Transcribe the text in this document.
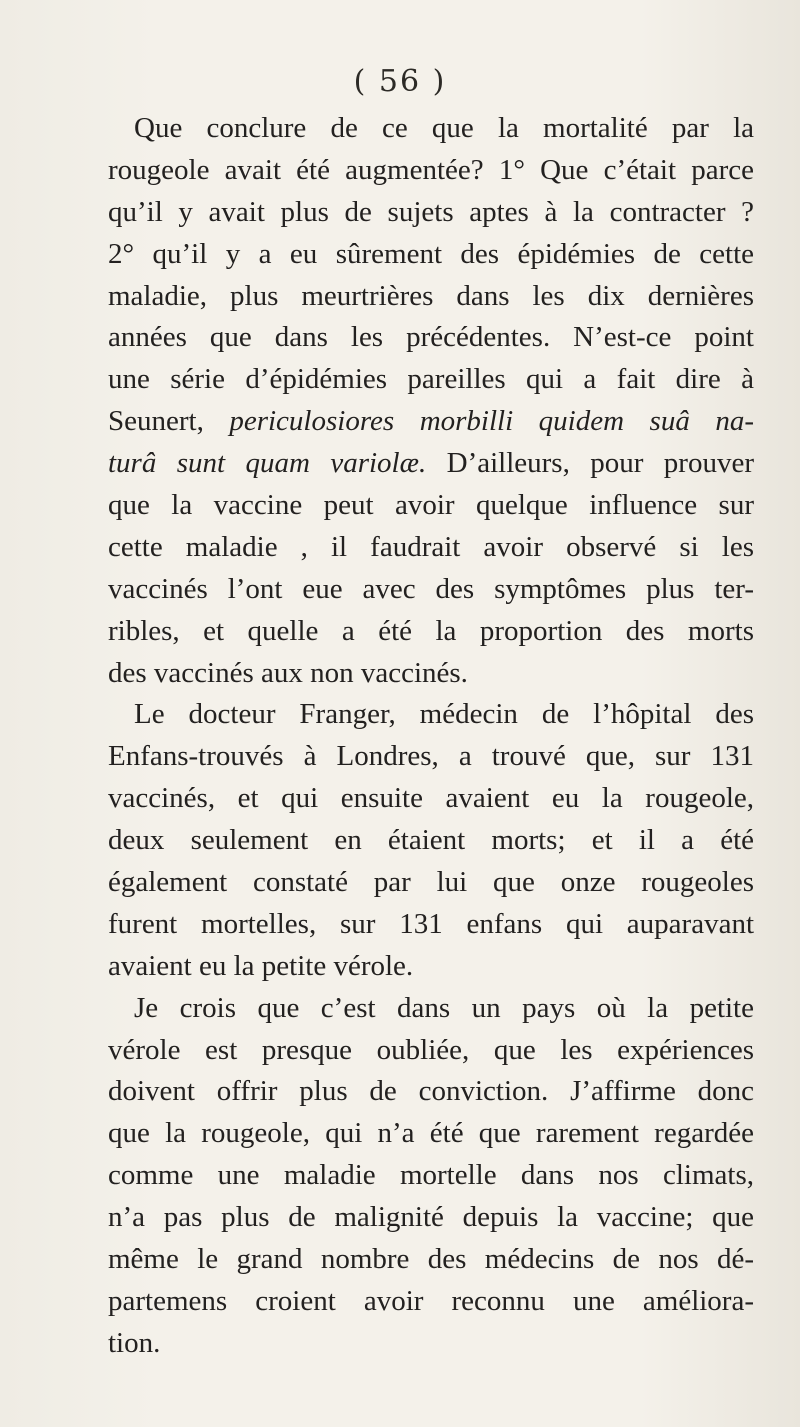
( 56 )
Que conclure de ce que la mortalité par la
rougeole avait été augmentée? 1° Que c’était parce
qu’il y avait plus de sujets aptes à la contracter ?
2° qu’il y a eu sûrement des épidémies de cette
maladie, plus meurtrières dans les dix dernières
années que dans les précédentes. N’est-ce point
une série d’épidémies pareilles qui a fait dire à
Seunert, periculosiores morbilli quidem suâ na-
turâ sunt quam variolæ. D’ailleurs, pour prouver
que la vaccine peut avoir quelque influence sur
cette maladie , il faudrait avoir observé si les
vaccinés l’ont eue avec des symptômes plus ter-
ribles, et quelle a été la proportion des morts
des vaccinés aux non vaccinés.
Le docteur Franger, médecin de l’hôpital des
Enfans-trouvés à Londres, a trouvé que, sur 131
vaccinés, et qui ensuite avaient eu la rougeole,
deux seulement en étaient morts; et il a été
également constaté par lui que onze rougeoles
furent mortelles, sur 131 enfans qui auparavant
avaient eu la petite vérole.
Je crois que c’est dans un pays où la petite
vérole est presque oubliée, que les expériences
doivent offrir plus de conviction. J’affirme donc
que la rougeole, qui n’a été que rarement regardée
comme une maladie mortelle dans nos climats,
n’a pas plus de malignité depuis la vaccine; que
même le grand nombre des médecins de nos dé-
partemens croient avoir reconnu une améliora-
tion.
